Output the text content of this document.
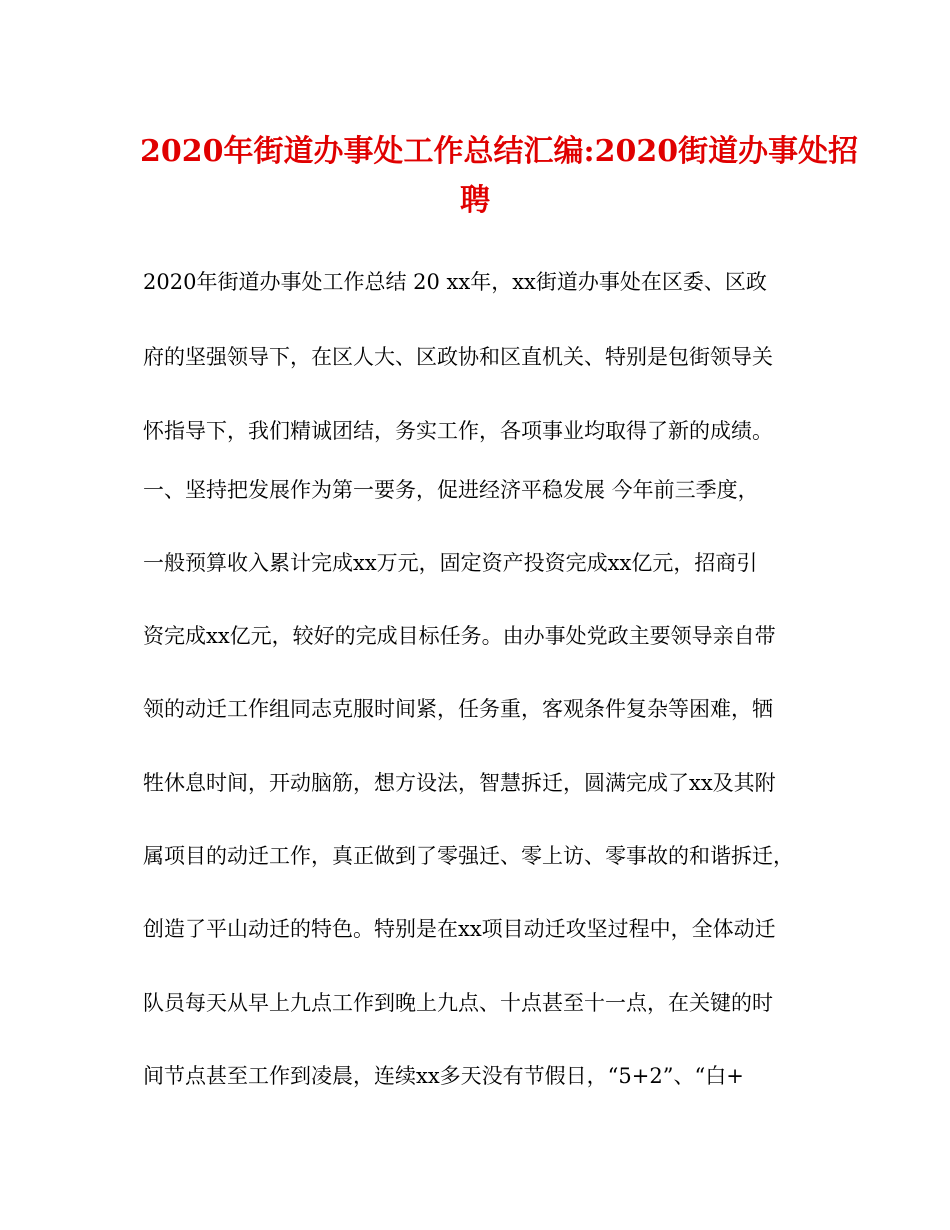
2020年街道办事处工作总结汇编:2020街道办事处招
聘

2020年街道办事处工作总结 20 xx年，xx街道办事处在区委、区政

府的坚强领导下，在区人大、区政协和区直机关、特别是包街领导关

怀指导下，我们精诚团结，务实工作，各项事业均取得了新的成绩。

一、坚持把发展作为第一要务，促进经济平稳发展 今年前三季度，

一般预算收入累计完成xx万元，固定资产投资完成xx亿元，招商引

资完成xx亿元，较好的完成目标任务。由办事处党政主要领导亲自带

领的动迁工作组同志克服时间紧，任务重，客观条件复杂等困难，牺

牲休息时间，开动脑筋，想方设法，智慧拆迁，圆满完成了xx及其附

属项目的动迁工作，真正做到了零强迁、零上访、零事故的和谐拆迁，

创造了平山动迁的特色。特别是在xx项目动迁攻坚过程中，全体动迁

队员每天从早上九点工作到晚上九点、十点甚至十一点，在关键的时

间节点甚至工作到凌晨，连续xx多天没有节假日，“5+2”、“白+
